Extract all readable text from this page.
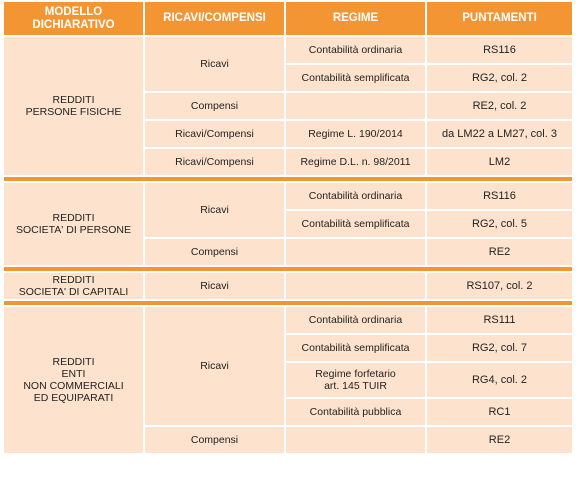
MODELLO
DICHIARATIVO	RICAVI/COMPENSI	REGIME	PUNTAMENTI
REDDITI
PERSONE FISICHE	Ricavi	Contabilità ordinaria	RS116
		Contabilità semplificata	RG2, col. 2
	Compensi		RE2, col. 2
	Ricavi/Compensi	Regime L. 190/2014	da LM22 a LM27, col. 3
	Ricavi/Compensi	Regime D.L. n. 98/2011	LM2

REDDITI
SOCIETA' DI PERSONE	Ricavi	Contabilità ordinaria	RS116
		Contabilità semplificata	RG2, col. 5
	Compensi		RE2

REDDITI
SOCIETA' DI CAPITALI	Ricavi		RS107, col. 2

REDDITI
ENTI
NON COMMERCIALI
ED EQUIPARATI	Ricavi	Contabilità ordinaria	RS111
		Contabilità semplificata	RG2, col. 7
		Regime forfetario
art. 145 TUIR	RG4, col. 2
		Contabilità pubblica	RC1
	Compensi		RE2
